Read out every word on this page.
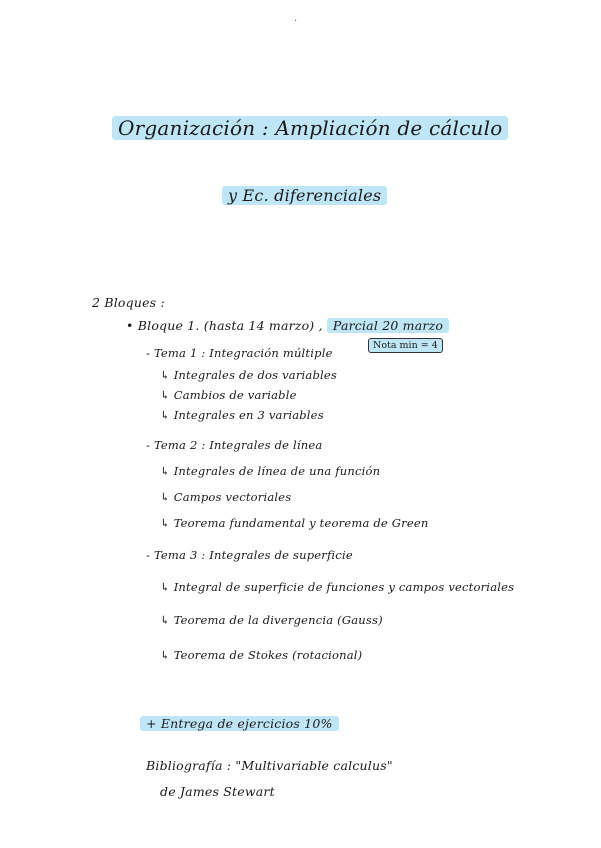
·
Organización : Ampliación de cálculo
y Ec. diferenciales
2 Bloques :
• Bloque 1. (hasta 14 marzo) , Parcial 20 marzo
Nota min = 4
- Tema 1 : Integración múltiple
↳ Integrales de dos variables
↳ Cambios de variable
↳ Integrales en 3 variables
- Tema 2 : Integrales de línea
↳ Integrales de línea de una función
↳ Campos vectoriales
↳ Teorema fundamental y teorema de Green
- Tema 3 : Integrales de superficie
↳ Integral de superficie de funciones y campos vectoriales
↳ Teorema de la divergencia (Gauss)
↳ Teorema de Stokes (rotacional)
+ Entrega de ejercicios 10%
Bibliografía : "Multivariable calculus"
de James Stewart
